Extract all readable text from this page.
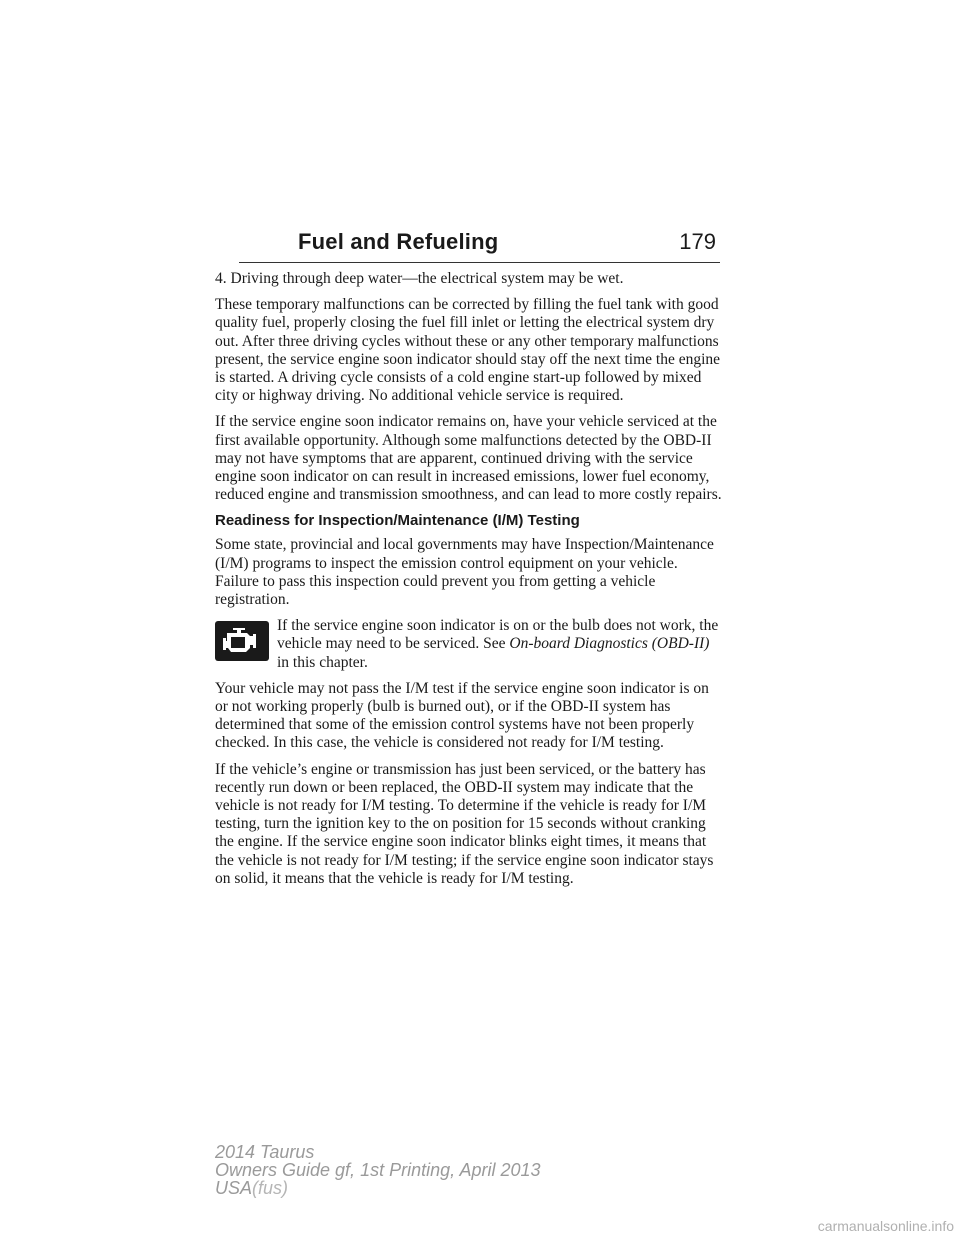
Fuel and Refueling	179

4. Driving through deep water—the electrical system may be wet.

These temporary malfunctions can be corrected by filling the fuel tank with good quality fuel, properly closing the fuel fill inlet or letting the electrical system dry out. After three driving cycles without these or any other temporary malfunctions present, the service engine soon indicator should stay off the next time the engine is started. A driving cycle consists of a cold engine start-up followed by mixed city or highway driving. No additional vehicle service is required.

If the service engine soon indicator remains on, have your vehicle serviced at the first available opportunity. Although some malfunctions detected by the OBD-II may not have symptoms that are apparent, continued driving with the service engine soon indicator on can result in increased emissions, lower fuel economy, reduced engine and transmission smoothness, and can lead to more costly repairs.

Readiness for Inspection/Maintenance (I/M) Testing

Some state, provincial and local governments may have Inspection/Maintenance (I/M) programs to inspect the emission control equipment on your vehicle. Failure to pass this inspection could prevent you from getting a vehicle registration.

If the service engine soon indicator is on or the bulb does not work, the vehicle may need to be serviced. See On-board Diagnostics (OBD-II) in this chapter.

Your vehicle may not pass the I/M test if the service engine soon indicator is on or not working properly (bulb is burned out), or if the OBD-II system has determined that some of the emission control systems have not been properly checked. In this case, the vehicle is considered not ready for I/M testing.

If the vehicle’s engine or transmission has just been serviced, or the battery has recently run down or been replaced, the OBD-II system may indicate that the vehicle is not ready for I/M testing. To determine if the vehicle is ready for I/M testing, turn the ignition key to the on position for 15 seconds without cranking the engine. If the service engine soon indicator blinks eight times, it means that the vehicle is not ready for I/M testing; if the service engine soon indicator stays on solid, it means that the vehicle is ready for I/M testing.

2014 Taurus
Owners Guide gf, 1st Printing, April 2013
USA(fus)
carmanualsonline.info
